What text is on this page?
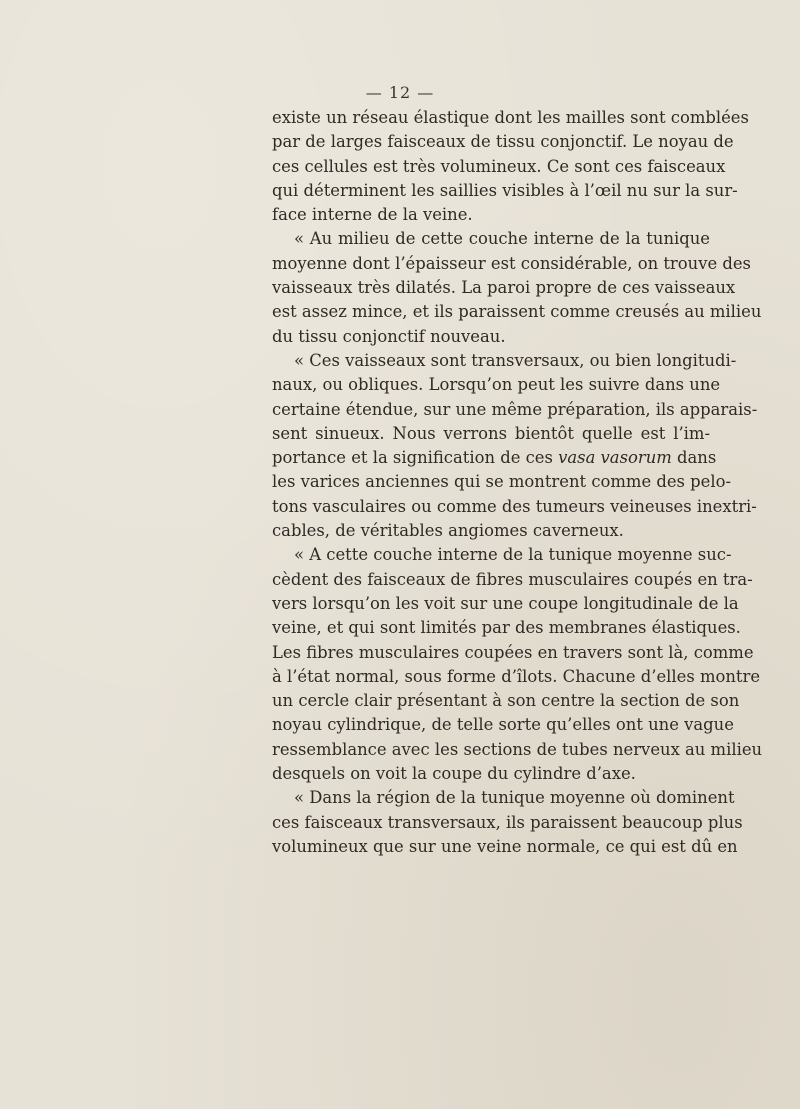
— 12 —
existe un réseau élastique dont les mailles sont comblées
par de larges faisceaux de tissu conjonctif. Le noyau de
ces cellules est très volumineux. Ce sont ces faisceaux
qui déterminent les saillies visibles à l’œil nu sur la sur-
face interne de la veine.
« Au milieu de cette couche interne de la tunique
moyenne dont l’épaisseur est considérable, on trouve des
vaisseaux très dilatés. La paroi propre de ces vaisseaux
est assez mince, et ils paraissent comme creusés au milieu
du tissu conjonctif nouveau.
« Ces vaisseaux sont transversaux, ou bien longitudi-
naux, ou obliques. Lorsqu’on peut les suivre dans une
certaine étendue, sur une même préparation, ils apparais-
sent sinueux. Nous verrons bientôt quelle est l’im-
portance et la signification de ces vasa vasorum dans
les varices anciennes qui se montrent comme des pelo-
tons vasculaires ou comme des tumeurs veineuses inextri-
cables, de véritables angiomes caverneux.
« A cette couche interne de la tunique moyenne suc-
cèdent des faisceaux de fibres musculaires coupés en tra-
vers lorsqu’on les voit sur une coupe longitudinale de la
veine, et qui sont limités par des membranes élastiques.
Les fibres musculaires coupées en travers sont là, comme
à l’état normal, sous forme d’îlots. Chacune d’elles montre
un cercle clair présentant à son centre la section de son
noyau cylindrique, de telle sorte qu’elles ont une vague
ressemblance avec les sections de tubes nerveux au milieu
desquels on voit la coupe du cylindre d’axe.
« Dans la région de la tunique moyenne où dominent
ces faisceaux transversaux, ils paraissent beaucoup plus
volumineux que sur une veine normale, ce qui est dû en
